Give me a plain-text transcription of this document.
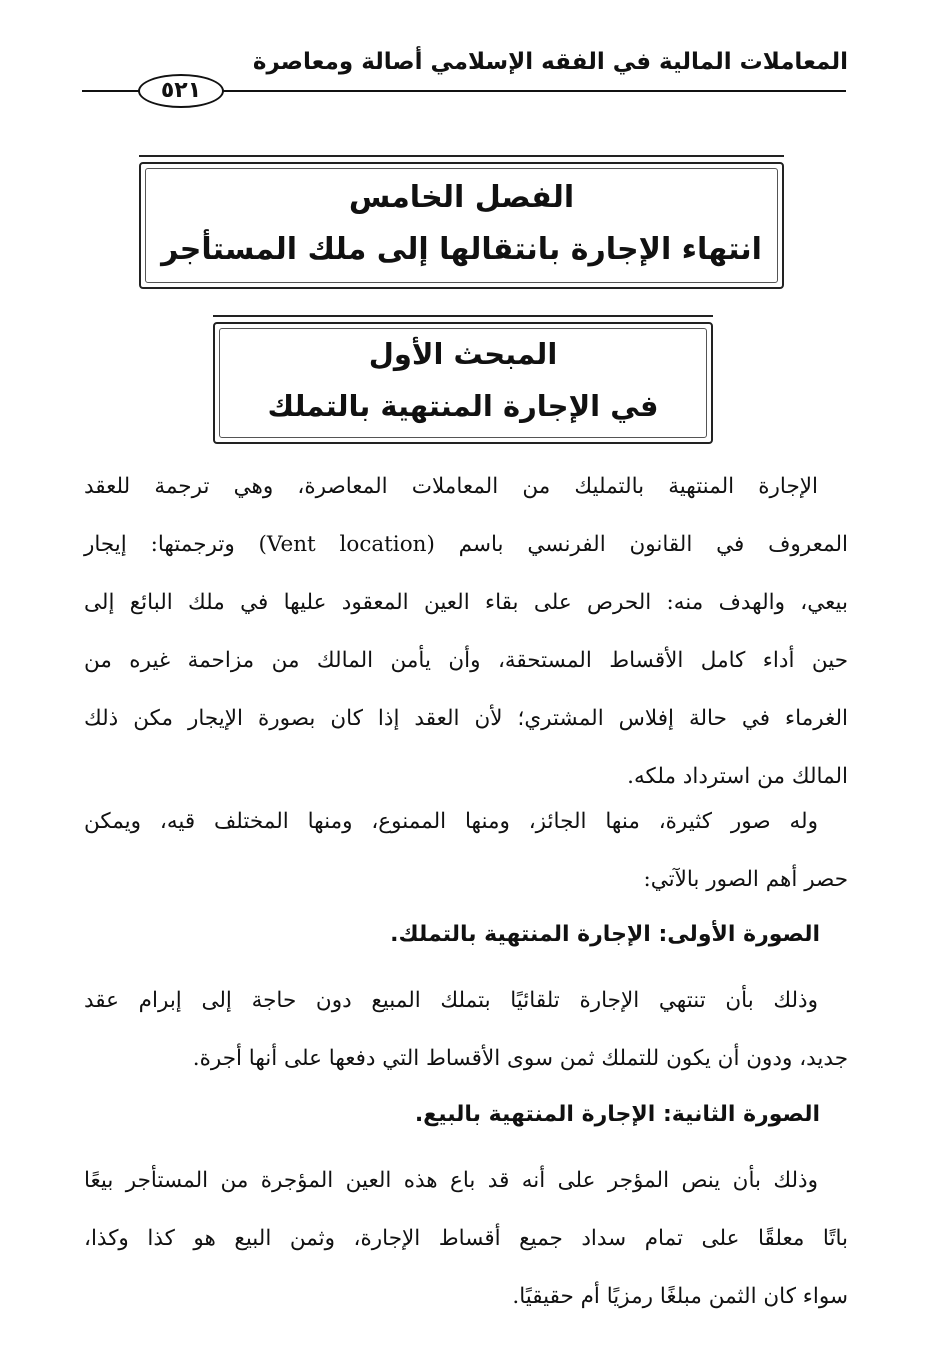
المعاملات المالية في الفقه الإسلامي أصالة ومعاصرة
٥٢١
الفصل الخامس
انتهاء الإجارة بانتقالها إلى ملك المستأجر
المبحث الأول
في الإجارة المنتهية بالتملك
الإجارة المنتهية بالتمليك من المعاملات المعاصرة، وهي ترجمة للعقد
المعروف في القانون الفرنسي باسم (Vent location) وترجمتها: إيجار
بيعي، والهدف منه: الحرص على بقاء العين المعقود عليها في ملك البائع إلى
حين أداء كامل الأقساط المستحقة، وأن يأمن المالك من مزاحمة غيره من
الغرماء في حالة إفلاس المشتري؛ لأن العقد إذا كان بصورة الإيجار مكن ذلك
المالك من استرداد ملكه.
وله صور كثيرة، منها الجائز، ومنها الممنوع، ومنها المختلف قيه، ويمكن
حصر أهم الصور بالآتي:
الصورة الأولى: الإجارة المنتهية بالتملك.
وذلك بأن تنتهي الإجارة تلقائيًا بتملك المبيع دون حاجة إلى إبرام عقد
جديد، ودون أن يكون للتملك ثمن سوى الأقساط التي دفعها على أنها أجرة.
الصورة الثانية: الإجارة المنتهية بالبيع.
وذلك بأن ينص المؤجر على أنه قد باع هذه العين المؤجرة من المستأجر بيعًا
باتًا معلقًا على تمام سداد جميع أقساط الإجارة، وثمن البيع هو كذا وكذا،
سواء كان الثمن مبلغًا رمزيًا أم حقيقيًا.
